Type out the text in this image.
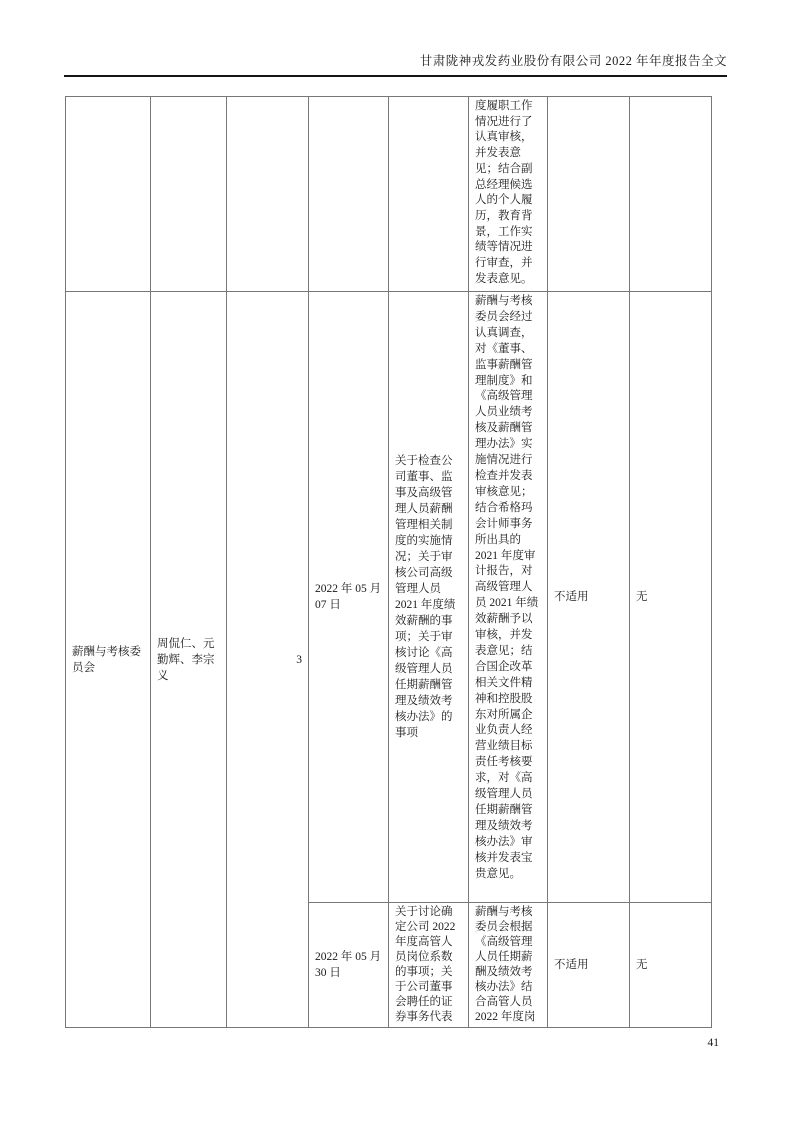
甘肃陇神戎发药业股份有限公司 2022 年年度报告全文

					度履职工作情况进行了认真审核，并发表意见；结合副总经理候选人的个人履历，教育背景，工作实绩等情况进行审查，并发表意见。		

薪酬与考核委员会	周侃仁、元勤辉、李宗义	3	2022 年 05 月 07 日	关于检查公司董事、监事及高级管理人员薪酬管理相关制度的实施情况；关于审核公司高级管理人员 2021 年度绩效薪酬的事项；关于审核讨论《高级管理人员任期薪酬管理及绩效考核办法》的事项	薪酬与考核委员会经过认真调查，对《董事、监事薪酬管理制度》和《高级管理人员业绩考核及薪酬管理办法》实施情况进行检查并发表审核意见；结合希格玛会计师事务所出具的 2021 年度审计报告，对高级管理人员 2021 年绩效薪酬予以审核，并发表意见；结合国企改革相关文件精神和控股股东对所属企业负责人经营业绩目标责任考核要求，对《高级管理人员任期薪酬管理及绩效考核办法》审核并发表宝贵意见。	不适用	无

			2022 年 05 月 30 日	关于讨论确定公司 2022 年度高管人员岗位系数的事项；关于公司董事会聘任的证券事务代表	薪酬与考核委员会根据《高级管理人员任期薪酬及绩效考核办法》结合高管人员 2022 年度岗	不适用	无
41
